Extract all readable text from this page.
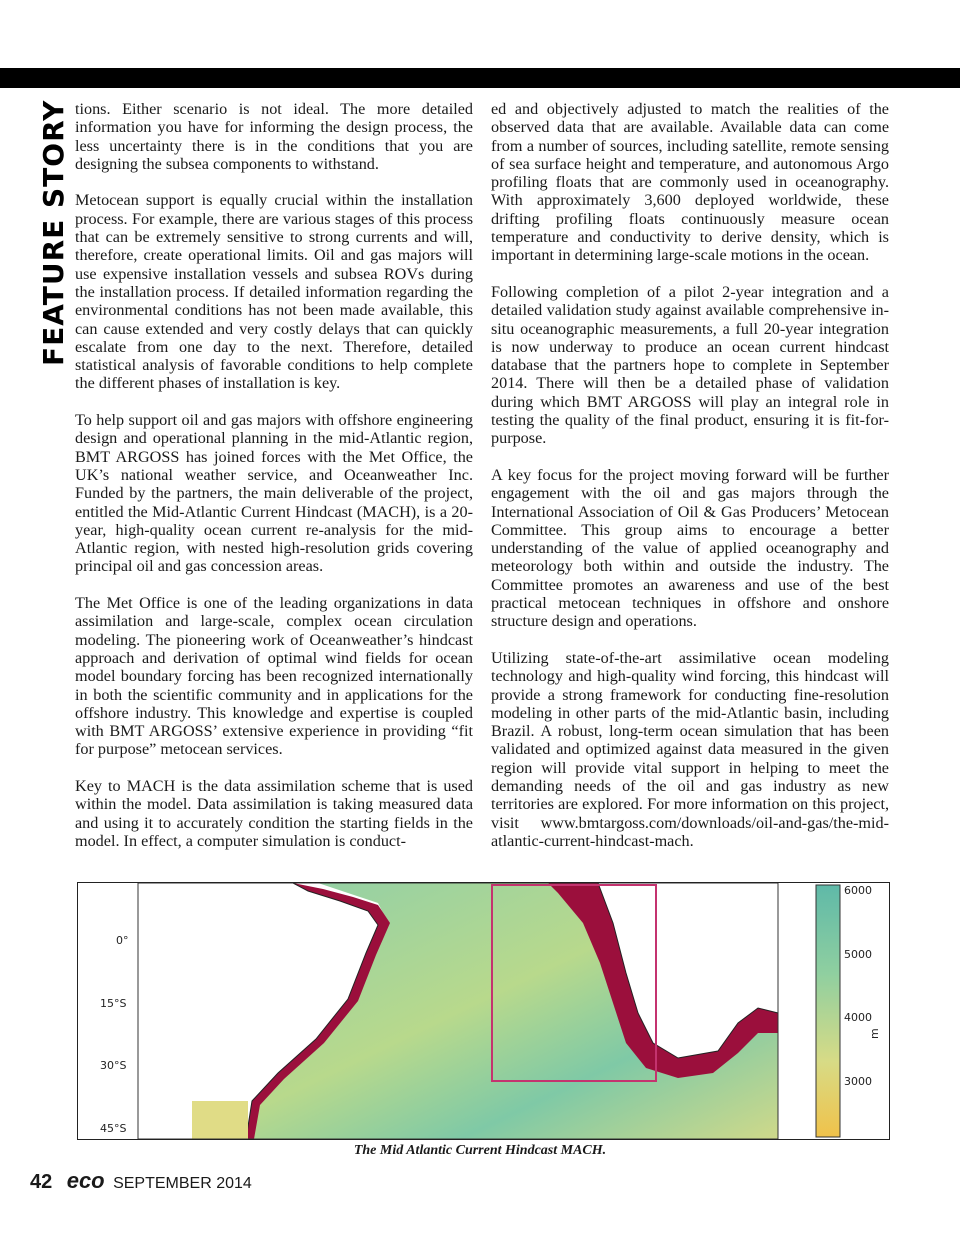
FEATURE STORY tions. Either scenario is not ideal. The more detailed information you have for informing the design process, the less uncertainty there is in the conditions that you are designing the subsea components to withstand.

Metocean support is equally crucial within the installation process. For example, there are various stages of this process that can be extremely sensitive to strong currents and will, therefore, create operational limits. Oil and gas majors will use expensive installation vessels and subsea ROVs during the installation process. If detailed information regarding the environmental conditions has not been made available, this can cause extended and very costly delays that can quickly escalate from one day to the next. Therefore, detailed statistical analysis of favorable conditions to help complete the different phases of installation is key.

To help support oil and gas majors with offshore engineering design and operational planning in the mid-Atlantic region, BMT ARGOSS has joined forces with the Met Office, the UK’s national weather service, and Oceanweather Inc. Funded by the partners, the main deliverable of the project, entitled the Mid-Atlantic Current Hindcast (MACH), is a 20-year, high-quality ocean current re-analysis for the mid-Atlantic region, with nested high-resolution grids covering principal oil and gas concession areas.

The Met Office is one of the leading organizations in data assimilation and large-scale, complex ocean circulation modeling. The pioneering work of Oceanweather’s hindcast approach and derivation of optimal wind fields for ocean model boundary forcing has been recognized internationally in both the scientific community and in applications for the offshore industry. This knowledge and expertise is coupled with BMT ARGOSS’ extensive experience in providing “fit for purpose” metocean services.

Key to MACH is the data assimilation scheme that is used within the model. Data assimilation is taking measured data and using it to accurately condition the starting fields in the model. In effect, a computer simulation is conduct-

ed and objectively adjusted to match the realities of the observed data that are available. Available data can come from a number of sources, including satellite, remote sensing of sea surface height and temperature, and autonomous Argo profiling floats that are commonly used in oceanography. With approximately 3,600 deployed worldwide, these drifting profiling floats continuously measure ocean temperature and conductivity to derive density, which is important in determining large-scale motions in the ocean.

Following completion of a pilot 2-year integration and a detailed validation study against available comprehensive in-situ oceanographic measurements, a full 20-year integration is now underway to produce an ocean current hindcast database that the partners hope to complete in September 2014. There will then be a detailed phase of validation during which BMT ARGOSS will play an integral role in testing the quality of the final product, ensuring it is fit-for-purpose.

A key focus for the project moving forward will be further engagement with the oil and gas majors through the International Association of Oil & Gas Producers’ Metocean Committee. This group aims to encourage a better understanding of the value of applied oceanography and meteorology both within and outside the industry. The Committee promotes an awareness and use of the best practical metocean techniques in offshore and onshore structure design and operations.

Utilizing state-of-the-art assimilative ocean modeling technology and high-quality wind forcing, this hindcast will provide a strong framework for conducting fine-resolution modeling in other parts of the mid-Atlantic basin, including Brazil. A robust, long-term ocean simulation that has been validated and optimized against data measured in the given region will provide vital support in helping to meet the demanding needs of the oil and gas industry as new territories are explored. For more information on this project, visit www.bmtargoss.com/downloads/oil-and-gas/the-mid-atlantic-current-hindcast-mach.

0°
15°S
30°S
45°S
6000
5000
4000
3000
m
The Mid Atlantic Current Hindcast MACH.
42 eco SEPTEMBER 2014
